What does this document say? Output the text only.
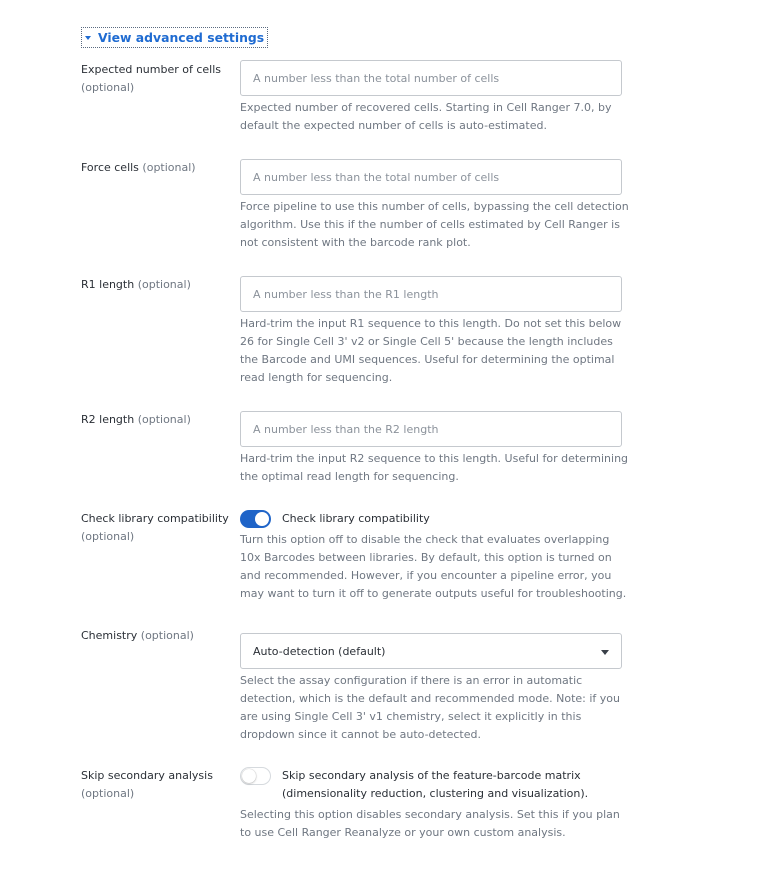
View advanced settings
Expected number of cells
(optional)
A number less than the total number of cells
Expected number of recovered cells. Starting in Cell Ranger 7.0, by default the expected number of cells is auto-estimated.
Force cells (optional)
A number less than the total number of cells
Force pipeline to use this number of cells, bypassing the cell detection algorithm. Use this if the number of cells estimated by Cell Ranger is not consistent with the barcode rank plot.
R1 length (optional)
A number less than the R1 length
Hard-trim the input R1 sequence to this length. Do not set this below 26 for Single Cell 3' v2 or Single Cell 5' because the length includes the Barcode and UMI sequences. Useful for determining the optimal read length for sequencing.
R2 length (optional)
A number less than the R2 length
Hard-trim the input R2 sequence to this length. Useful for determining the optimal read length for sequencing.
Check library compatibility
(optional)
Check library compatibility
Turn this option off to disable the check that evaluates overlapping 10x Barcodes between libraries. By default, this option is turned on and recommended. However, if you encounter a pipeline error, you may want to turn it off to generate outputs useful for troubleshooting.
Chemistry (optional)
Auto-detection (default)
Select the assay configuration if there is an error in automatic detection, which is the default and recommended mode. Note: if you are using Single Cell 3' v1 chemistry, select it explicitly in this dropdown since it cannot be auto-detected.
Skip secondary analysis
(optional)
Skip secondary analysis of the feature-barcode matrix (dimensionality reduction, clustering and visualization).
Selecting this option disables secondary analysis. Set this if you plan to use Cell Ranger Reanalyze or your own custom analysis.
